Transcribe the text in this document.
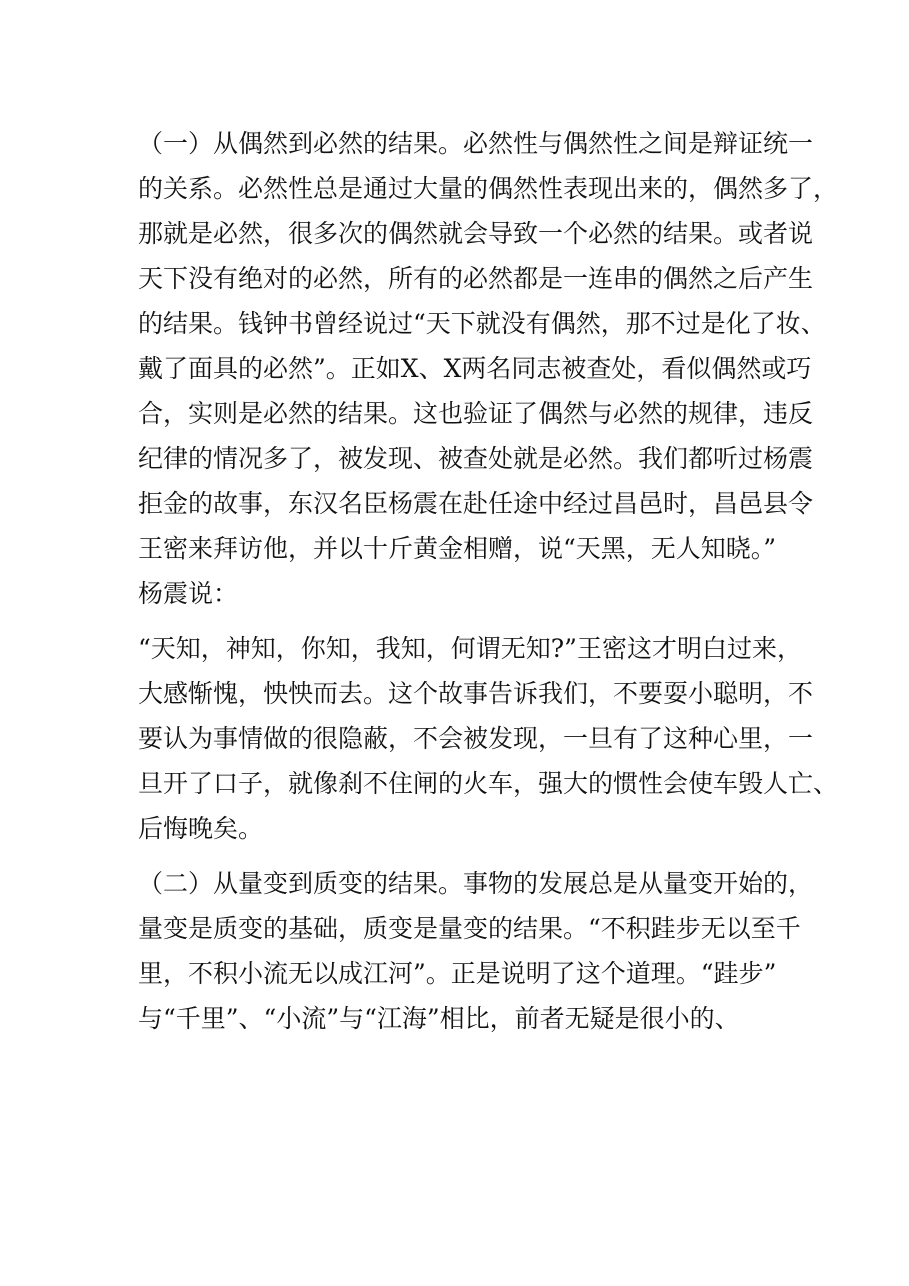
（一）从偶然到必然的结果。必然性与偶然性之间是辩证统一

的关系。必然性总是通过大量的偶然性表现出来的，偶然多了，

那就是必然，很多次的偶然就会导致一个必然的结果。或者说

天下没有绝对的必然，所有的必然都是一连串的偶然之后产生

的结果。钱钟书曾经说过“天下就没有偶然，那不过是化了妆、

戴了面具的必然”。正如X、X两名同志被查处，看似偶然或巧

合，实则是必然的结果。这也验证了偶然与必然的规律，违反

纪律的情况多了，被发现、被查处就是必然。我们都听过杨震

拒金的故事，东汉名臣杨震在赴任途中经过昌邑时，昌邑县令

王密来拜访他，并以十斤黄金相赠，说“天黑，无人知晓。”

杨震说：

“天知，神知，你知，我知，何谓无知?”王密这才明白过来，

大感惭愧，怏怏而去。这个故事告诉我们，不要耍小聪明，不

要认为事情做的很隐蔽，不会被发现，一旦有了这种心里，一

旦开了口子，就像刹不住闸的火车，强大的惯性会使车毁人亡、

后悔晚矣。

（二）从量变到质变的结果。事物的发展总是从量变开始的，

量变是质变的基础，质变是量变的结果。“不积跬步无以至千

里，不积小流无以成江河”。正是说明了这个道理。“跬步”

与“千里”、“小流”与“江海”相比，前者无疑是很小的、
